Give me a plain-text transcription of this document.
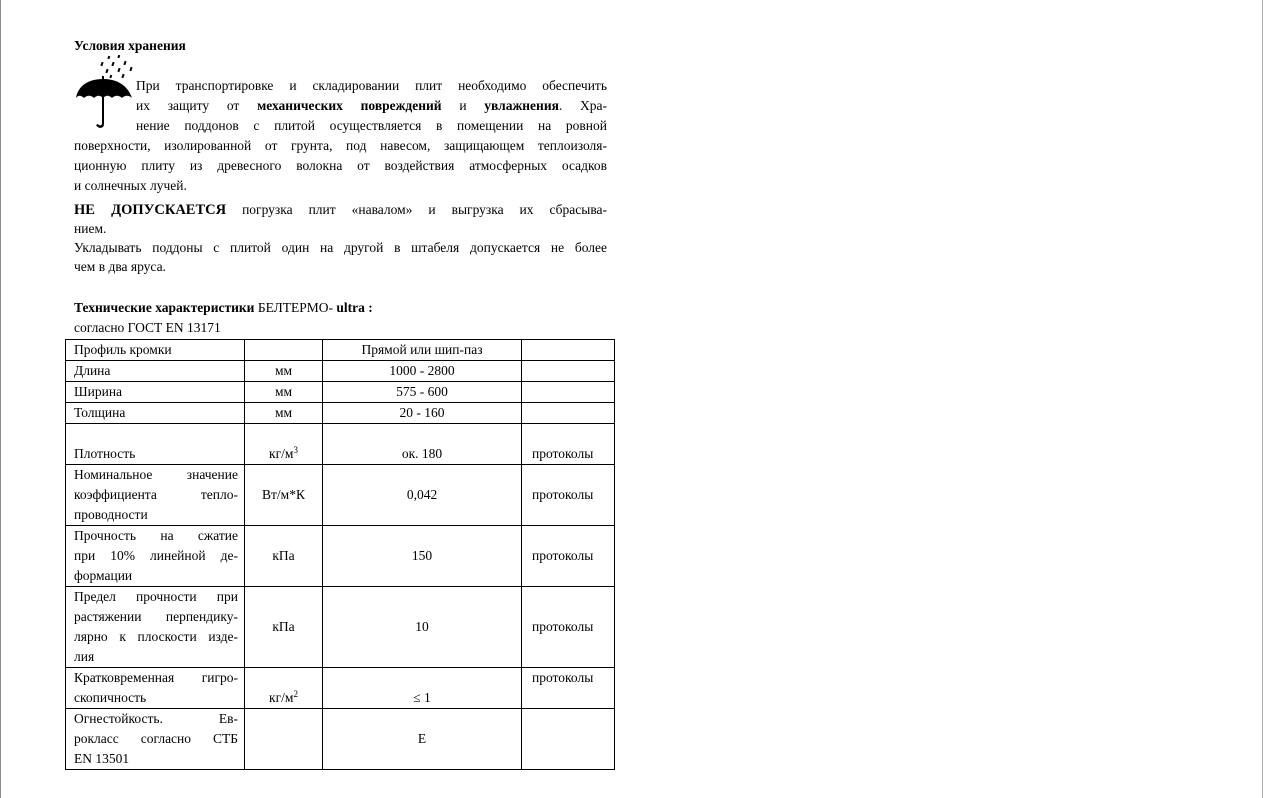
Условия хранения
При транспортировке и складировании плит необходимо обеспечить
их защиту от механических повреждений и увлажнения. Хра-
нение поддонов с плитой осуществляется в помещении на ровной
поверхности, изолированной от грунта, под навесом, защищающем теплоизоля-
ционную плиту из древесного волокна от воздействия атмосферных осадков
и солнечных лучей.
НЕ ДОПУСКАЕТСЯ погрузка плит «навалом» и выгрузка их сбрасыва-
нием.
Укладывать поддоны с плитой один на другой в штабеля допускается не более
чем в два яруса.
Технические характеристики БЕЛТЕРМО- ultra :
согласно ГОСТ EN 13171
Профиль кромки		Прямой или шип-паз	

Длина	мм	1000 - 2800	

Ширина	мм	575 - 600	

Толщина	мм	20 - 160	

Плотность	$кг/м^3$	ок. 180	протоколы

Номинальное значение
коэффициента тепло-
проводности	Вт/м*К	0,042	протоколы

Прочность на сжатие
при 10% линейной де-
формации	кПа	150	протоколы

Предел прочности при
растяжении перпендику-
лярно к плоскости изде-
лия	кПа	10	протоколы

Кратковременная гигро-
скопичность	$кг/м^2$	≤ 1	протоколы

Огнестойкость. Ев-
рокласс согласно СТБ
EN 13501		E	
